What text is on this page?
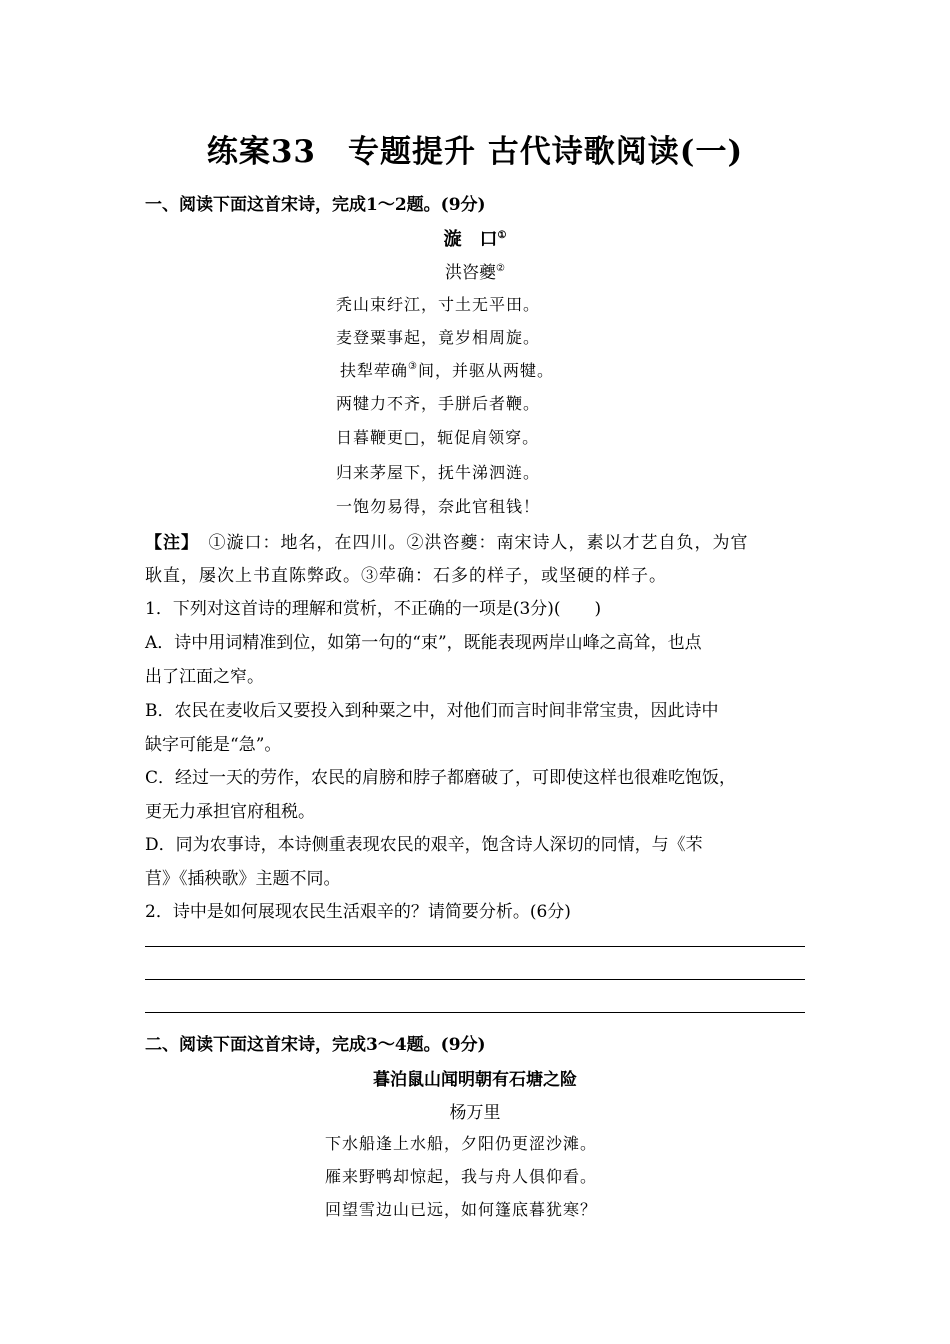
练案33　专题提升 古代诗歌阅读(一)
一、阅读下面这首宋诗，完成1～2题。(9分)
漩　口①
洪咨夔②
秃山束纡江，寸土无平田。
麦登粟事起，竟岁相周旋。
扶犁荦确③间，并驱从两犍。
两犍力不齐，手胼后者鞭。
日暮鞭更□，轭促肩领穿。
归来茅屋下，抚牛涕泗涟。
一饱勿易得，奈此官租钱！
【注】　①漩口：地名，在四川。②洪咨夔：南宋诗人，素以才艺自负，为官
耿直，屡次上书直陈弊政。③荦确：石多的样子，或坚硬的样子。
1．下列对这首诗的理解和赏析，不正确的一项是(3分)(　　)
A．诗中用词精准到位，如第一句的“束”，既能表现两岸山峰之高耸，也点
出了江面之窄。
B．农民在麦收后又要投入到种粟之中，对他们而言时间非常宝贵，因此诗中
缺字可能是“急”。
C．经过一天的劳作，农民的肩膀和脖子都磨破了，可即使这样也很难吃饱饭，
更无力承担官府租税。
D．同为农事诗，本诗侧重表现农民的艰辛，饱含诗人深切的同情，与《芣
苢》《插秧歌》主题不同。
2．诗中是如何展现农民生活艰辛的？请简要分析。(6分)
二、阅读下面这首宋诗，完成3～4题。(9分)
暮泊鼠山闻明朝有石塘之险
杨万里
下水船逢上水船，夕阳仍更涩沙滩。
雁来野鸭却惊起，我与舟人俱仰看。
回望雪边山已远，如何篷底暮犹寒？
